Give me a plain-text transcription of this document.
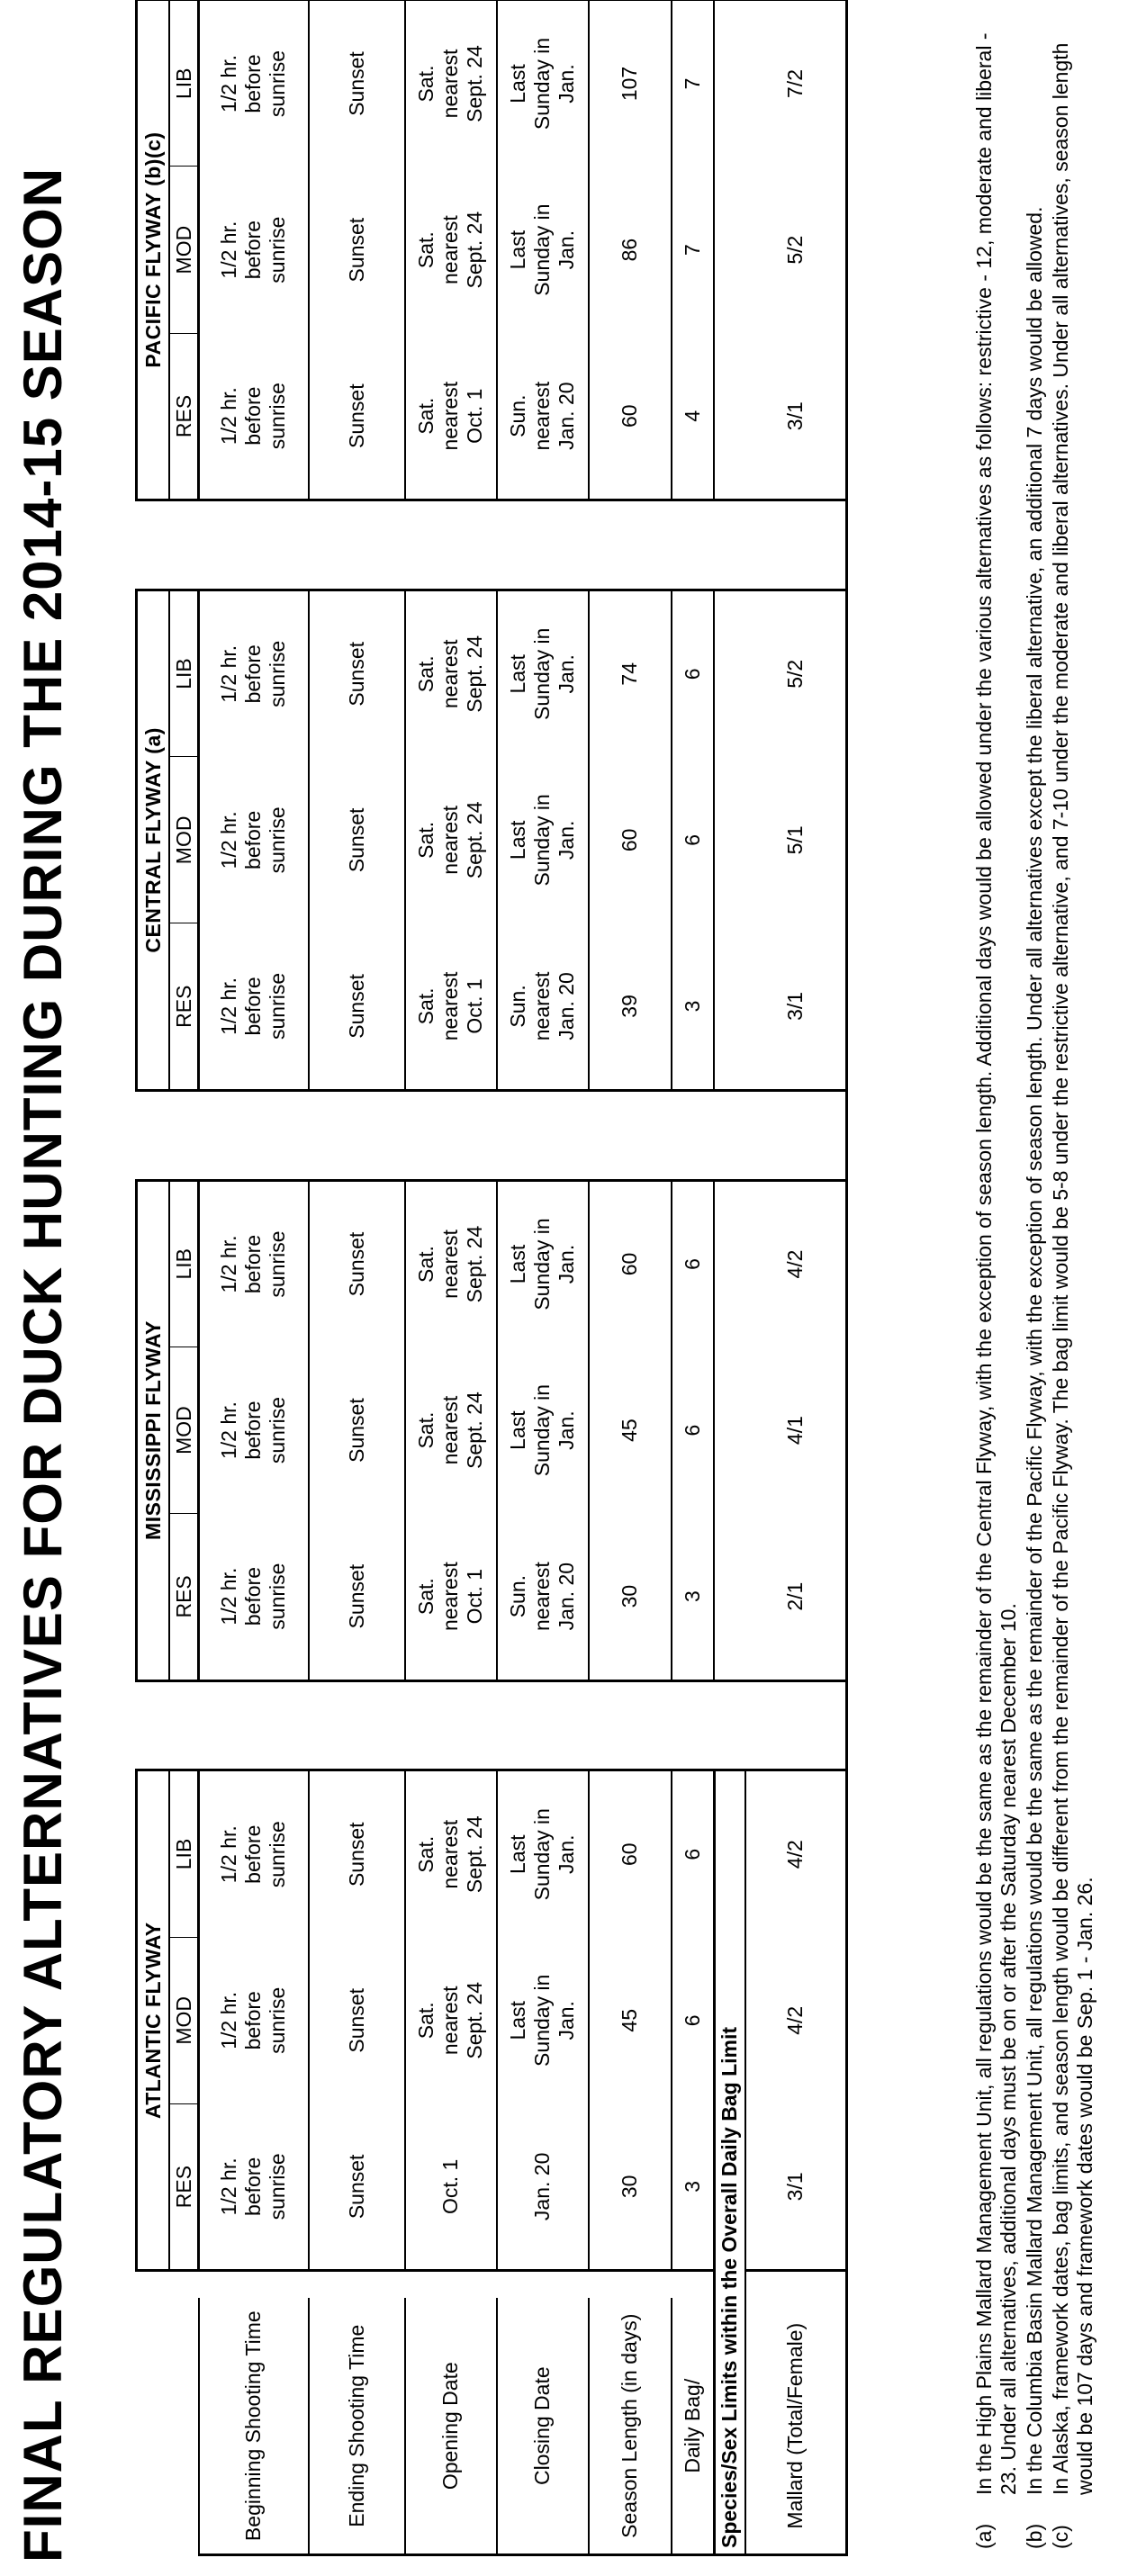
FINAL REGULATORY ALTERNATIVES FOR DUCK HUNTING DURING THE 2014-15 SEASON
			ATLANTIC FLYWAY				MISSISSIPPI FLYWAY				CENTRAL FLYWAY (a)				PACIFIC FLYWAY (b)(c)		
		RES	MOD	LIB		RES	MOD	LIB		RES	MOD	LIB		RES	MOD	LIB
Beginning Shooting Time		1/2 hr. before sunrise	1/2 hr. before sunrise	1/2 hr. before sunrise		1/2 hr. before sunrise	1/2 hr. before sunrise	1/2 hr. before sunrise		1/2 hr. before sunrise	1/2 hr. before sunrise	1/2 hr. before sunrise		1/2 hr. before sunrise	1/2 hr. before sunrise	1/2 hr. before sunrise
Ending Shooting Time		Sunset	Sunset	Sunset		Sunset	Sunset	Sunset		Sunset	Sunset	Sunset		Sunset	Sunset	Sunset
Opening Date		Oct. 1	Sat. nearest Sept. 24	Sat. nearest Sept. 24		Sat. nearest Oct. 1	Sat. nearest Sept. 24	Sat. nearest Sept. 24		Sat. nearest Oct. 1	Sat. nearest Sept. 24	Sat. nearest Sept. 24		Sat. nearest Oct. 1	Sat. nearest Sept. 24	Sat. nearest Sept. 24
Closing Date		Jan. 20	Last Sunday in Jan.	Last Sunday in Jan.		Sun. nearest Jan. 20	Last Sunday in Jan.	Last Sunday in Jan.		Sun. nearest Jan. 20	Last Sunday in Jan.	Last Sunday in Jan.		Sun. nearest Jan. 20	Last Sunday in Jan.	Last Sunday in Jan.
Season Length (in days)		30	45	60		30	45	60		39	60	74		60	86	107
Daily Bag/		3	6	6		3	6	6		3	6	6		4	7	7
Species/Sex Limits within the Overall Daily Bag Limit																
Mallard (Total/Female)		3/1	4/2	4/2		2/1	4/1	4/2		3/1	5/1	5/2		3/1	5/2	7/2
(a)
In the High Plains Mallard Management Unit, all regulations would be the same as the remainder of the Central Flyway, with the exception of season length. Additional days would be allowed under the various alternatives as follows: restrictive - 12, moderate and liberal - 23. Under all alternatives, additional days must be on or after the Saturday nearest December 10.
(b)
In the Columbia Basin Mallard Management Unit, all regulations would be the same as the remainder of the Pacific Flyway, with the exception of season length. Under all alternatives except the liberal alternative, an additional 7 days would be allowed.
(c)
In Alaska, framework dates, bag limits, and season length would be different from the remainder of the Pacific Flyway. The bag limit would be 5-8 under the restrictive alternative, and 7-10 under the moderate and liberal alternatives. Under all alternatives, season length would be 107 days and framework dates would be Sep. 1 - Jan. 26.
